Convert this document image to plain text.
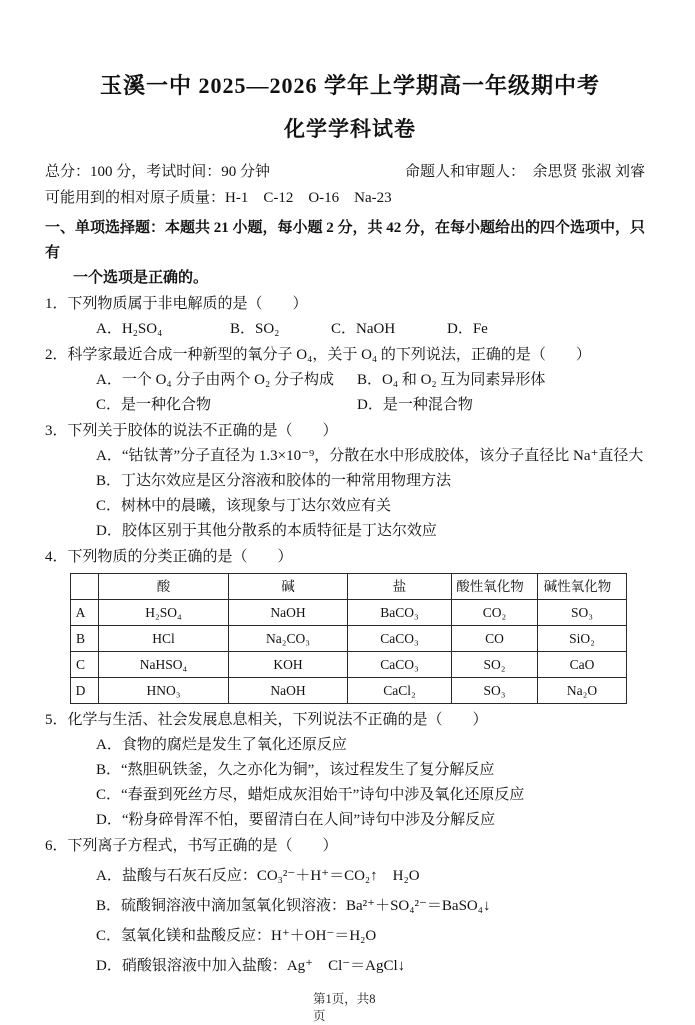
玉溪一中 2025—2026 学年上学期高一年级期中考
化学学科试卷
总分：100 分，考试时间：90 分钟	命题人和审题人：　余思贤 张淑 刘睿
可能用到的相对原子质量：H-1　C-12　O-16　Na-23
一、单项选择题：本题共 21 小题，每小题 2 分，共 42 分，在每小题给出的四个选项中，只有
一个选项是正确的。
1．下列物质属于非电解质的是（　　）
A．H₂SO₄	B．SO₂	C．NaOH	D．Fe
2．科学家最近合成一种新型的氧分子 O₄，关于 O₄ 的下列说法，正确的是（　　）
A．一个 O₄ 分子由两个 O₂ 分子构成	B．O₄ 和 O₂ 互为同素异形体
C．是一种化合物	D．是一种混合物
3．下列关于胶体的说法不正确的是（　　）
A．“钴钛菁”分子直径为 1.3×10⁻⁹，分散在水中形成胶体，该分子直径比 Na⁺直径大
B．丁达尔效应是区分溶液和胶体的一种常用物理方法
C．树林中的晨曦，该现象与丁达尔效应有关
D．胶体区别于其他分散系的本质特征是丁达尔效应
4．下列物质的分类正确的是（　　）
	酸	碱	盐	酸性氧化物	碱性氧化物
A	H₂SO₄	NaOH	BaCO₃	CO₂	SO₃
B	HCl	Na₂CO₃	CaCO₃	CO	SiO₂
C	NaHSO₄	KOH	CaCO₃	SO₂	CaO
D	HNO₃	NaOH	CaCl₂	SO₃	Na₂O
5．化学与生活、社会发展息息相关，下列说法不正确的是（　　）
A．食物的腐烂是发生了氧化还原反应
B．“熬胆矾铁釜，久之亦化为铜”，该过程发生了复分解反应
C．“春蚕到死丝方尽，蜡炬成灰泪始干”诗句中涉及氧化还原反应
D．“粉身碎骨浑不怕，要留清白在人间”诗句中涉及分解反应
6．下列离子方程式，书写正确的是（　　）
A．盐酸与石灰石反应：CO₃²⁻＋H⁺＝CO₂↑　H₂O
B．硫酸铜溶液中滴加氢氧化钡溶液：Ba²⁺＋SO₄²⁻＝BaSO₄↓
C．氢氧化镁和盐酸反应：H⁺＋OH⁻＝H₂O
D．硝酸银溶液中加入盐酸：Ag⁺　Cl⁻＝AgCl↓
第1页，共8
页
